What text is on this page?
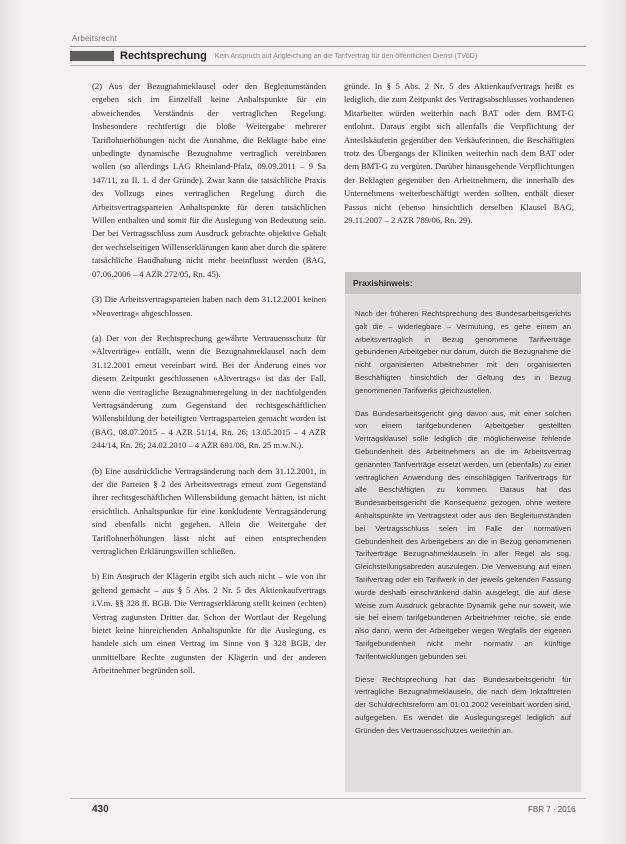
Arbeitsrecht
Rechtsprechung Kein Anspruch auf Angleichung an die Tarifvertrag für den öffentlichen Dienst (TVöD)

(2) Aus der Bezugnahmeklausel oder den Begleitumständen ergeben sich im Einzelfall keine Anhaltspunkte für ein abweichendes Verständnis der vertraglichen Regelung. Insbesondere rechtfertigt die bloße Weitergabe mehrerer Tariflohnerhöhungen nicht die Annahme, die Beklagte habe eine unbedingte dynamische Bezugnahme vertraglich vereinbaren wollen (so allerdings LAG Rheinland-Pfalz, 09.09.2011 – 9 Sa 147/11, zu II. 1. d der Gründe). Zwar kann die tatsächliche Praxis des Vollzugs eines vertraglichen Regelung durch die Arbeitsvertragsparteien Anhaltspunkte für deren tatsächlichen Willen enthalten und somit für die Auslegung von Bedeutung sein. Der bei Vertragsschluss zum Ausdruck gebrachte objektive Gehalt der wechselseitigen Willenserklärungen kann aber durch die spätere tatsächliche Handhabung nicht mehr beeinflusst werden (BAG, 07.06.2006 – 4 AZR 272/05, Rn. 45).

(3) Die Arbeitsvertragsparteien haben nach dem 31.12.2001 keinen »Neuvertrag« abgeschlossen.

(a) Der von der Rechtsprechung gewährte Vertrauensschutz für »Altverträge« entfällt, wenn die Bezugnahmeklausel nach dem 31.12.2001 erneut vereinbart wird. Bei der Änderung eines vor diesem Zeitpunkt geschlossenen »Altvertrags« ist das der Fall, wenn die vertragliche Bezugnahmeregelung in der nachfolgenden Vertragsänderung zum Gegenstand der rechtsgeschäftlichen Willensbildung der beteiligten Vertragsparteien gemacht worden ist (BAG, 08.07.2015 – 4 AZR 51/14, Rn. 26; 13.05.2015 – 4 AZR 244/14, Rn. 26; 24.02.2010 – 4 AZR 691/08, Rn. 25 m.w.N.).

(b) Eine ausdrückliche Vertragsänderung nach dem 31.12.2001, in der die Parteien § 2 des Arbeitsvertrags erneut zum Gegenstand ihrer rechtsgeschäftlichen Willensbildung gemacht hätten, ist nicht ersichtlich. Anhaltspunkte für eine konkludente Vertragsänderung sind ebenfalls nicht gegeben. Allein die Weitergabe der Tariflohnerhöhungen lässt nicht auf einen entsprechenden vertraglichen Erklärungswillen schließen.

b) Ein Anspruch der Klägerin ergibt sich auch nicht – wie von ihr geltend gemacht – aus § 5 Abs. 2 Nr. 5 des Aktienkaufvertrags i.V.m. §§ 328 ff. BGB. Die Vertragserklärung stellt keinen (echten) Vertrag zugunsten Dritter dar. Schon der Wortlaut der Regelung bietet keine hinreichenden Anhaltspunkte für die Auslegung, es handele sich um einen Vertrag im Sinne von § 328 BGB, der unmittelbare Rechte zugunsten der Klägerin und der anderen Arbeitnehmer begründen soll.

gründe. In § 5 Abs. 2 Nr. 5 des Aktienkaufvertrags heißt es lediglich, die zum Zeitpunkt des Vertragsabschlusses vorhandenen Mitarbeiter würden weiterhin nach BAT oder dem BMT-G entlohnt. Daraus ergibt sich allenfalls die Verpflichtung der Anteilskäuferin gegenüber den Verkäuferinnen, die Beschäftigten trotz des Übergangs der Kliniken weiterhin nach dem BAT oder dem BMT-G zu vergüten. Darüber hinausgehende Verpflichtungen der Beklagten gegenüber den Arbeitnehmern, die innerhalb des Unternehmens weiterbeschäftigt werden sollten, enthält dieser Passus nicht (ebenso hinsichtlich derselben Klausel BAG, 29.11.2007 – 2 AZR 789/06, Rn. 29).

Praxishinweis:

Nach der früheren Rechtsprechung des Bundesarbeitsgerichts galt die – widerlegbare – Vermutung, es gehe einem an arbeitsvertraglich in Bezug genommene Tarifverträge gebundenen Arbeitgeber nur darum, durch die Bezugnahme die nicht organisierten Arbeitnehmer mit den organisierten Beschäftigten hinsichtlich der Geltung des in Bezug genommenen Tarifwerks gleichzustellen.

Das Bundesarbeitsgericht ging davon aus, mit einer solchen von einem tarifgebundenen Arbeitgeber gestellten Vertragsklausel solle lediglich die möglicherweise fehlende Gebundenheit des Arbeitnehmers an die im Arbeitsvertrag genannten Tarifverträge ersetzt werden, um (ebenfalls) zu einer vertraglichen Anwendung des einschlägigen Tarifvertrags für alle Beschäftigten zu kommen. Daraus hat das Bundesarbeitsgericht die Konsequenz gezogen, ohne weitere Anhaltspunkte im Vertragstext oder aus den Begleitumständen bei Vertragsschluss seien im Falle der normativen Gebundenheit des Arbeitgebers an die in Bezug genommenen Tarifverträge Bezugnahmeklauseln in aller Regel als sog. Gleichstellungsabreden auszulegen. Die Verweisung auf einen Tarifvertrag oder ein Tarifwerk in der jeweils geltenden Fassung wurde deshalb einschränkend dahin ausgelegt, die auf diese Weise zum Ausdruck gebrachte Dynamik gehe nur soweit, wie sie bei einem tarifgebundenen Arbeitnehmer reiche, sie ende also dann, wenn der Arbeitgeber wegen Wegfalls der eigenen Tarifgebundenheit nicht mehr normativ an künftige Tarifentwicklungen gebunden sei.

Diese Rechtsprechung hat das Bundesarbeitsgericht für vertragliche Bezugnahmeklauseln, die nach dem Inkrafttreten der Schuldrechtsreform am 01.01.2002 vereinbart worden sind, aufgegeben. Es wendet die Auslegungsregel lediglich auf Gründen des Vertrauensschutzes weiterhin an.

430	FBR 7 · 2016
